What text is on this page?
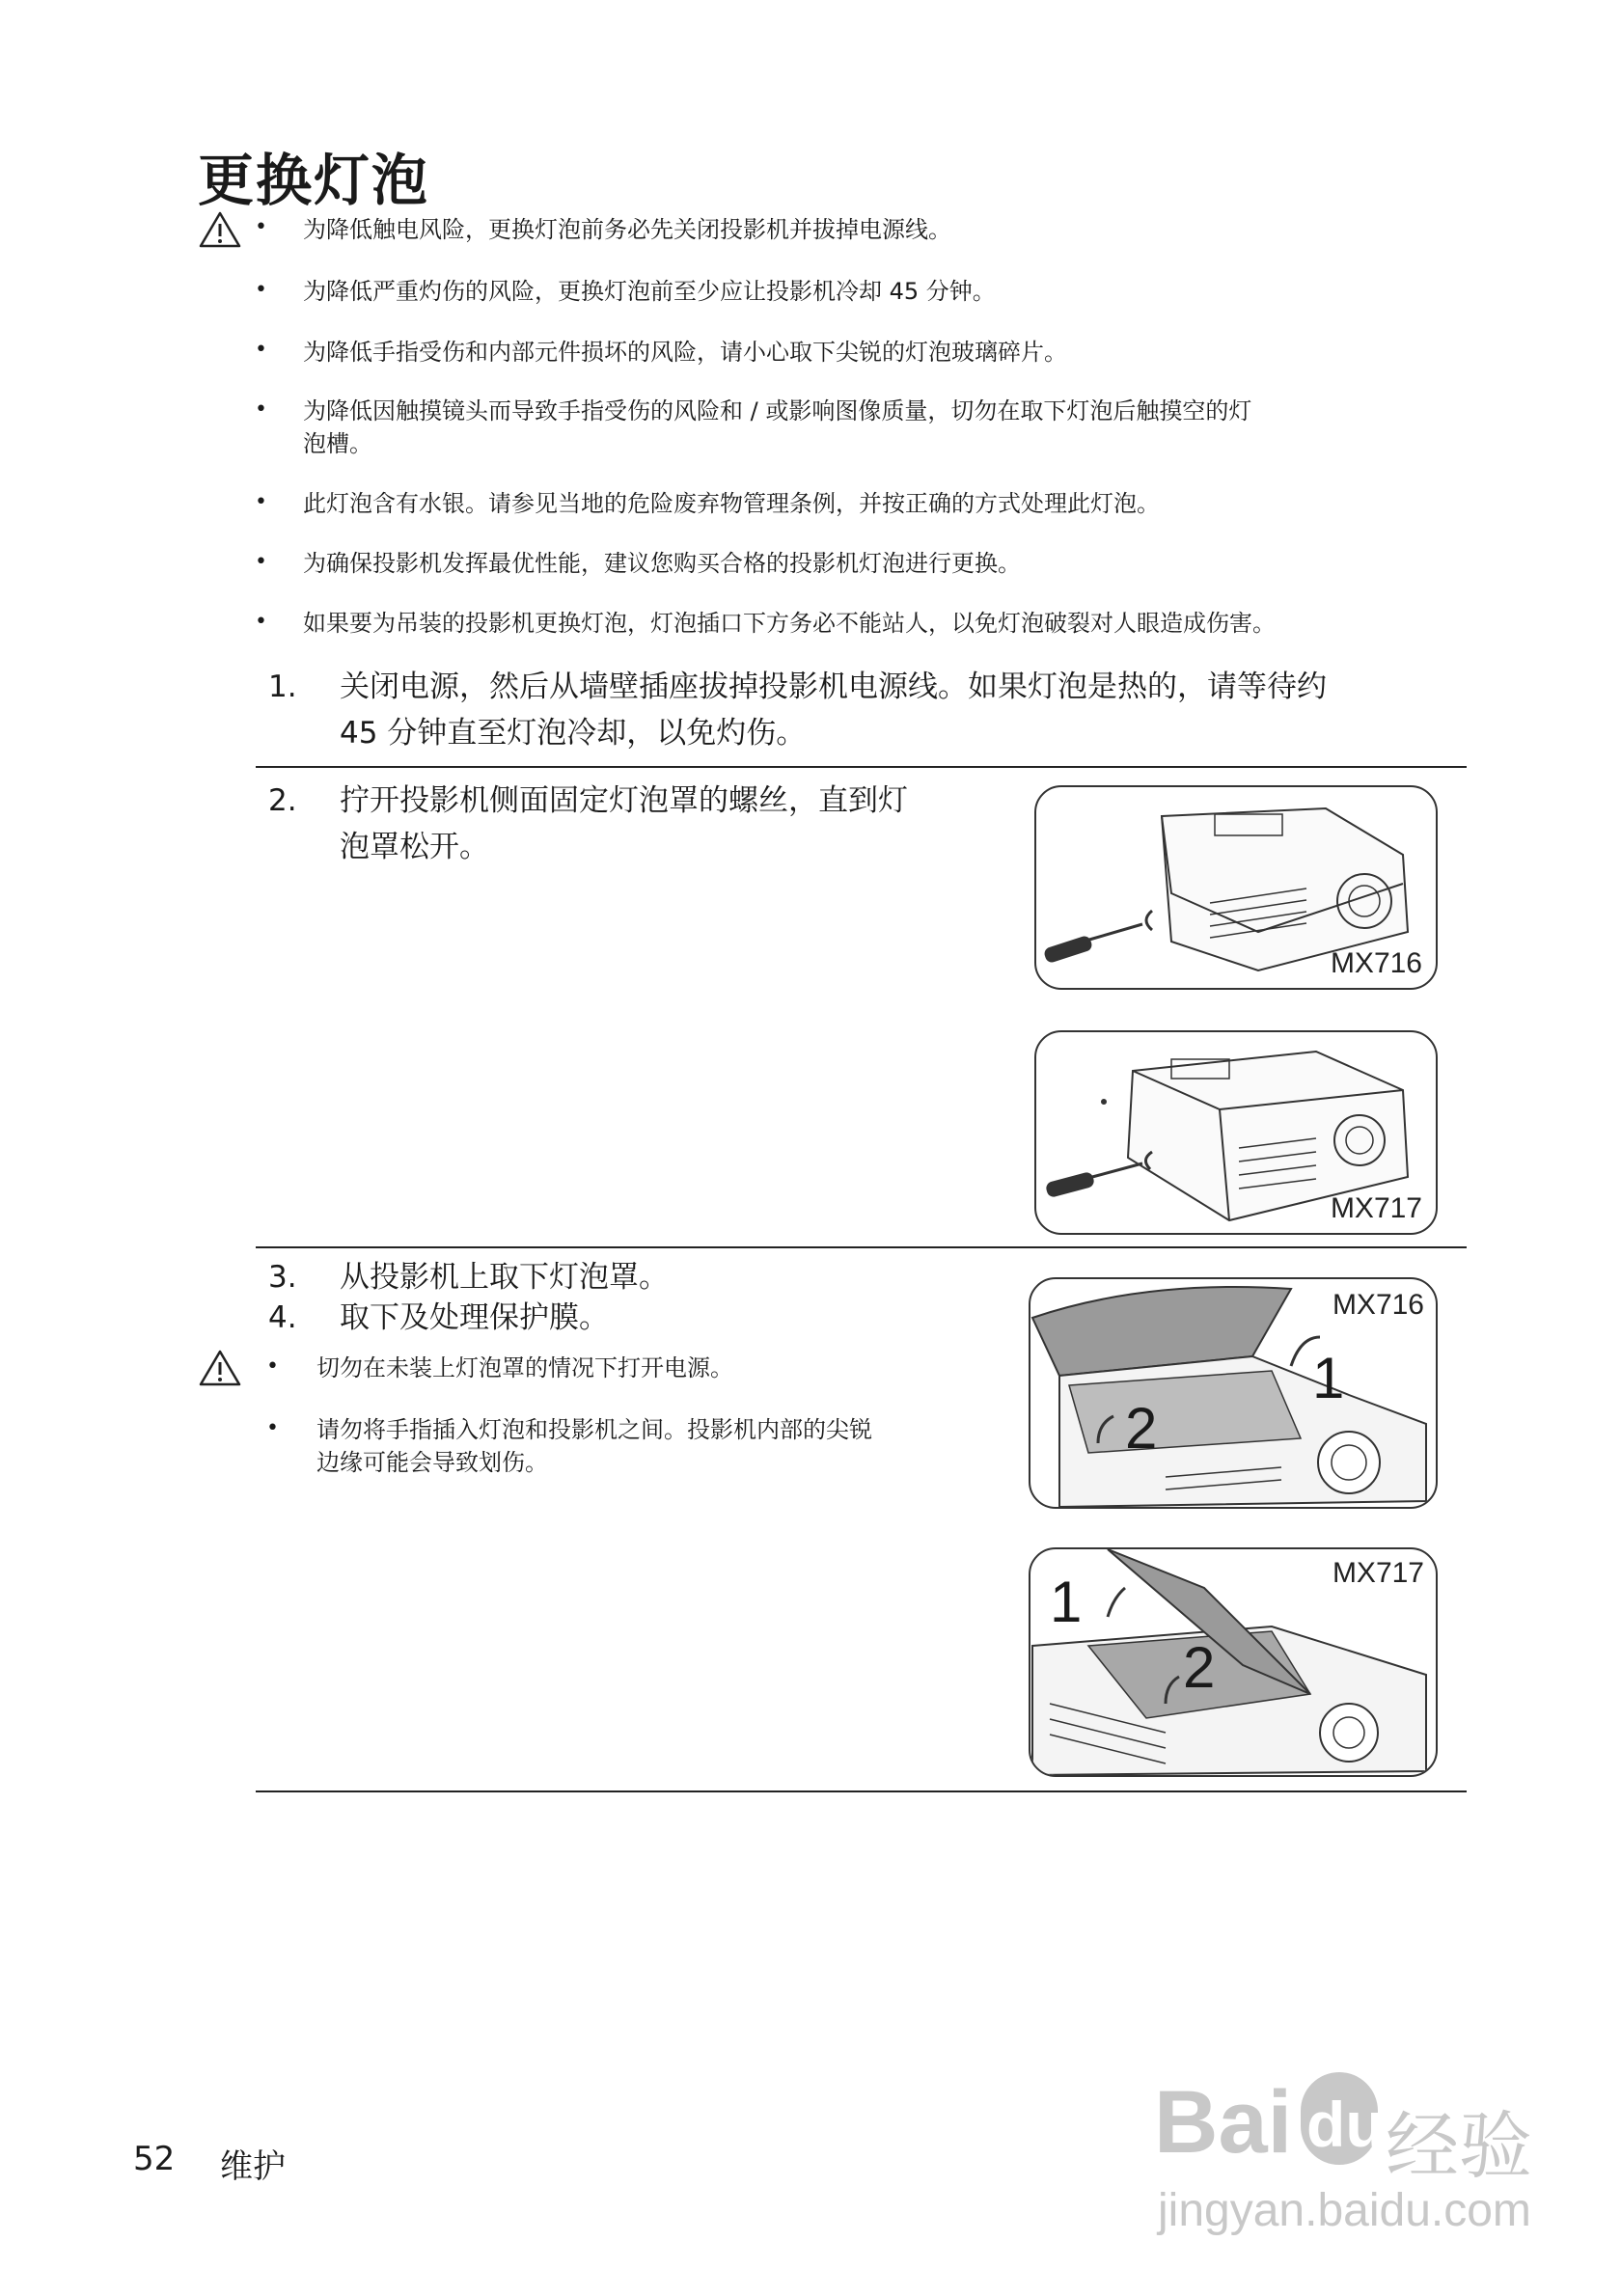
更换灯泡
• 为降低触电风险，更换灯泡前务必先关闭投影机并拔掉电源线。
• 为降低严重灼伤的风险，更换灯泡前至少应让投影机冷却 45 分钟。
• 为降低手指受伤和内部元件损坏的风险，请小心取下尖锐的灯泡玻璃碎片。
• 为降低因触摸镜头而导致手指受伤的风险和 / 或影响图像质量，切勿在取下灯泡后触摸空的灯
泡槽。
• 此灯泡含有水银。请参见当地的危险废弃物管理条例，并按正确的方式处理此灯泡。
• 为确保投影机发挥最优性能，建议您购买合格的投影机灯泡进行更换。
• 如果要为吊装的投影机更换灯泡，灯泡插口下方务必不能站人，以免灯泡破裂对人眼造成伤害。
1. 关闭电源，然后从墙壁插座拔掉投影机电源线。如果灯泡是热的，请等待约
45 分钟直至灯泡冷却，以免灼伤。
2. 拧开投影机侧面固定灯泡罩的螺丝，直到灯
泡罩松开。
MX716
MX717
3. 从投影机上取下灯泡罩。
4. 取下及处理保护膜。
• 切勿在未装上灯泡罩的情况下打开电源。
• 请勿将手指插入灯泡和投影机之间。投影机内部的尖锐
边缘可能会导致划伤。
MX716
1
2
MX717
1
2
Bai du 经验
jingyan.baidu.com
52 维护
